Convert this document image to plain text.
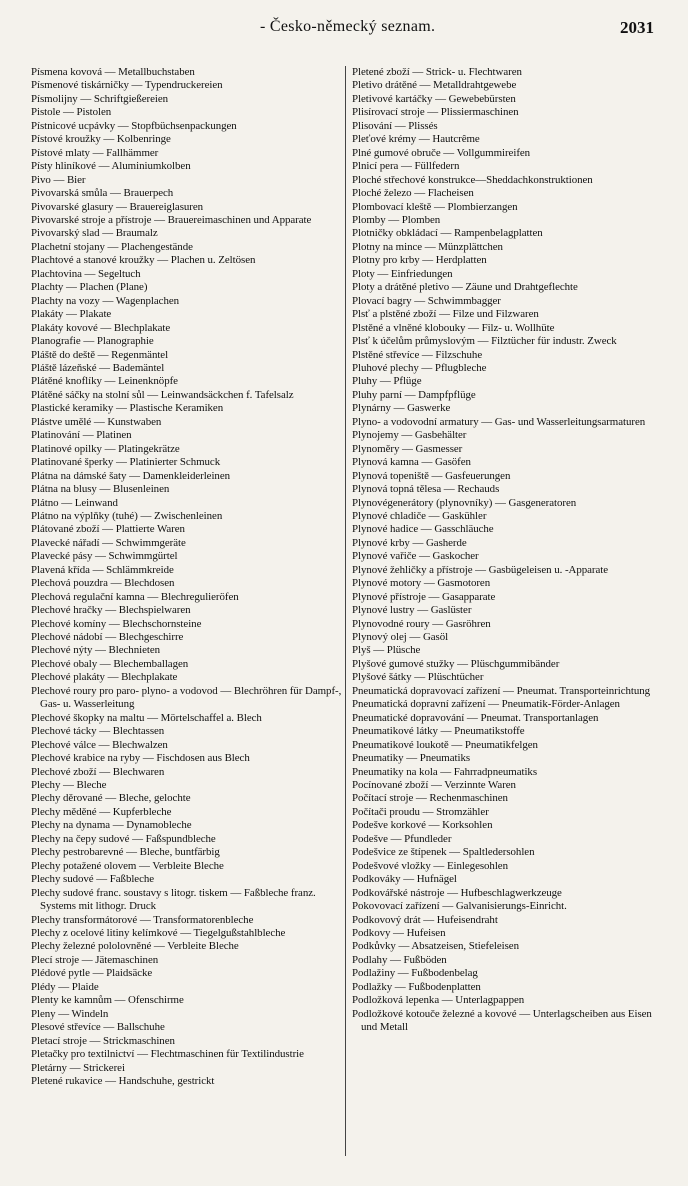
- Česko-německý seznam.	2031
Písmena kovová — Metallbuchstaben
Písmenové tiskárničky — Typendruckereien
Písmolijny — Schriftgießereien
Pistole — Pistolen
Pístnicové ucpávky — Stopfbüchsenpackungen
Pístové kroužky — Kolbenringe
Pístové mlaty — Fallhämmer
Písty hliníkové — Aluminiumkolben
Pivo — Bier
Pivovarská smůla — Brauerpech
Pivovarské glasury — Brauereiglasuren
Pivovarské stroje a přístroje — Brauereimaschinen und Apparate
Pivovarský slad — Braumalz
Plachetní stojany — Plachengestände
Plachtové a stanové kroužky — Plachen u. Zeltösen
Plachtovina — Segeltuch
Plachty — Plachen (Plane)
Plachty na vozy — Wagenplachen
Plakáty — Plakate
Plakáty kovové — Blechplakate
Planografie — Planographie
Pláště do deště — Regenmäntel
Pláště lázeňské — Bademäntel
Plátěné knoflíky — Leinenknöpfe
Plátěné sáčky na stolní sůl — Leinwandsäckchen f. Tafelsalz
Plastické keramiky — Plastische Keramiken
Plástve umělé — Kunstwaben
Platinování — Platinen
Platinové opilky — Platingekrätze
Platinované šperky — Platinierter Schmuck
Plátna na dámské šaty — Damenkleiderleinen
Plátna na blusy — Blusenleinen
Plátno — Leinwand
Plátno na výplňky (tuhé) — Zwischenleinen
Plátované zboží — Plattierte Waren
Plavecké nářadí — Schwimmgeräte
Plavecké pásy — Schwimmgürtel
Plavená křída — Schlämmkreide
Plechová pouzdra — Blechdosen
Plechová regulační kamna — Blechregulieröfen
Plechové hračky — Blechspielwaren
Plechové komíny — Blechschornsteine
Plechové nádobí — Blechgeschirre
Plechové nýty — Blechnieten
Plechové obaly — Blechemballagen
Plechové plakáty — Blechplakate
Plechové roury pro paro- plyno- a vodovod — Blechröhren für Dampf-, Gas- u. Wasserleitung
Plechové škopky na maltu — Mörtelschaffel a. Blech
Plechové tácky — Blechtassen
Plechové válce — Blechwalzen
Plechové krabice na ryby — Fischdosen aus Blech
Plechové zboží — Blechwaren
Plechy — Bleche
Plechy děrované — Bleche, gelochte
Plechy měděné — Kupferbleche
Plechy na dynama — Dynamobleche
Plechy na čepy sudové — Faßspundbleche
Plechy pestrobarevné — Bleche, buntfärbig
Plechy potažené olovem — Verbleite Bleche
Plechy sudové — Faßbleche
Plechy sudové franc. soustavy s litogr. tiskem — Faßbleche franz. Systems mit lithogr. Druck
Plechy transformátorové — Transformatorenbleche
Plechy z ocelové litiny kelímkové — Tiegelgußstahlbleche
Plechy železné pololovněné — Verbleite Bleche
Plecí stroje — Jätemaschinen
Plédové pytle — Plaidsäcke
Plédy — Plaide
Plenty ke kamnům — Ofenschirme
Pleny — Windeln
Plesové střevíce — Ballschuhe
Pletací stroje — Strickmaschinen
Pletačky pro textilnictví — Flechtmaschinen für Textilindustrie
Pletárny — Strickerei
Pletené rukavice — Handschuhe, gestrickt
Pletené zboží — Strick- u. Flechtwaren
Pletivo drátěné — Metalldrahtgewebe
Pletivové kartáčky — Gewebebürsten
Plisírovací stroje — Plissiermaschinen
Plisování — Plissés
Pleťové krémy — Hautcrême
Plné gumové obruče — Vollgummireifen
Plnicí pera — Füllfedern
Ploché střechové konstrukce—Sheddachkonstruktionen
Ploché železo — Flacheisen
Plombovací kleště — Plombierzangen
Plomby — Plomben
Plotničky obkládací — Rampenbelagplatten
Plotny na mince — Münzplättchen
Plotny pro krby — Herdplatten
Ploty — Einfriedungen
Ploty a drátěné pletivo — Zäune und Drahtgeflechte
Plovací bagry — Schwimmbagger
Plsť a plstěné zboží — Filze und Filzwaren
Plstěné a vlněné klobouky — Filz- u. Wollhüte
Plsť k účelům průmyslovým — Filztücher für industr. Zweck
Plstěné střevíce — Filzschuhe
Pluhové plechy — Pflugbleche
Pluhy — Pflüge
Pluhy parní — Dampfpflüge
Plynárny — Gaswerke
Plyno- a vodovodní armatury — Gas- und Wasserleitungsarmaturen
Plynojemy — Gasbehälter
Plynoměry — Gasmesser
Plynová kamna — Gasöfen
Plynová topeniště — Gasfeuerungen
Plynová topná tělesa — Rechauds
Plynovégenerátory (plynovníky) — Gasgeneratoren
Plynové chladiče — Gaskühler
Plynové hadice — Gasschläuche
Plynové krby — Gasherde
Plynové vařiče — Gaskocher
Plynové žehličky a přístroje — Gasbügeleisen u. -Apparate
Plynové motory — Gasmotoren
Plynové přístroje — Gasapparate
Plynové lustry — Gaslüster
Plynovodné roury — Gasröhren
Plynový olej — Gasöl
Plyš — Plüsche
Plyšové gumové stužky — Plüschgummibänder
Plyšové šátky — Plüschtücher
Pneumatická dopravovací zařízení — Pneumat. Transporteinrichtung
Pneumatická dopravní zařízení — Pneumatik-Förder-Anlagen
Pneumatické dopravování — Pneumat. Transportanlagen
Pneumatikové látky — Pneumatikstoffe
Pneumatikové loukotě — Pneumatikfelgen
Pneumatiky — Pneumatiks
Pneumatiky na kola — Fahrradpneumatiks
Pocínované zboží — Verzinnte Waren
Počítací stroje — Rechenmaschinen
Počítači proudu — Stromzähler
Podešve korkové — Korksohlen
Podešve — Pfundleder
Podešvice ze štípenek — Spaltledersohlen
Podešvové vložky — Einlegesohlen
Podkováky — Hufnägel
Podkovářské nástroje — Hufbeschlagwerkzeuge
Pokovovací zařízení — Galvanisierungs-Einricht.
Podkovový drát — Hufeisendraht
Podkovy — Hufeisen
Podkůvky — Absatzeisen, Stiefeleisen
Podlahy — Fußböden
Podlažiny — Fußbodenbelag
Podlažky — Fußbodenplatten
Podložková lepenka — Unterlagpappen
Podložkové kotouče železné a kovové — Unterlagscheiben aus Eisen und Metall
